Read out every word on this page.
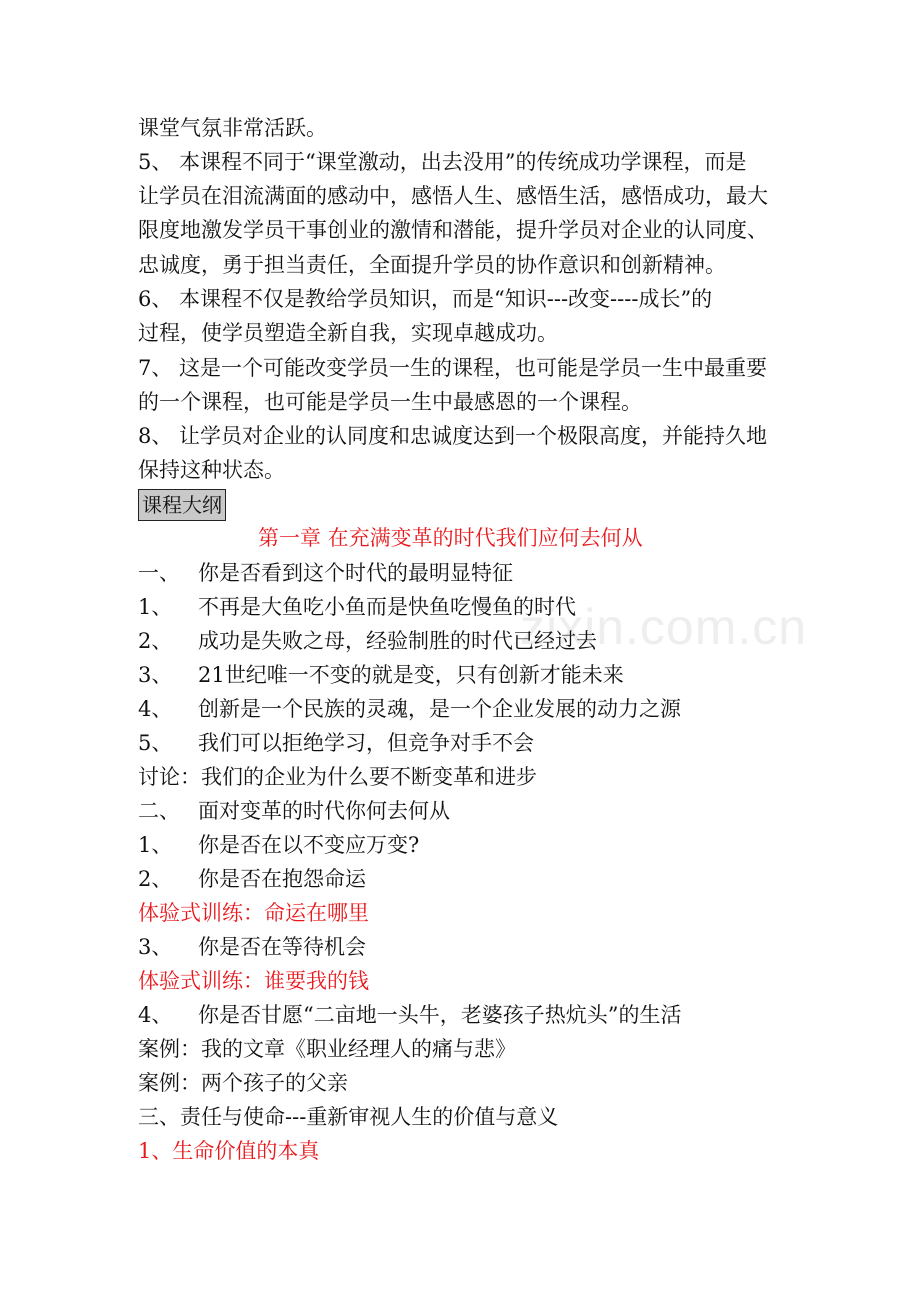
zixin.com.cn
课堂气氛非常活跃。
5、 本课程不同于“课堂激动，出去没用”的传统成功学课程，而是
让学员在泪流满面的感动中，感悟人生、感悟生活，感悟成功，最大
限度地激发学员干事创业的激情和潜能，提升学员对企业的认同度、
忠诚度，勇于担当责任，全面提升学员的协作意识和创新精神。
6、 本课程不仅是教给学员知识，而是“知识---改变----成长”的
过程，使学员塑造全新自我，实现卓越成功。
7、 这是一个可能改变学员一生的课程，也可能是学员一生中最重要
的一个课程，也可能是学员一生中最感恩的一个课程。
8、 让学员对企业的认同度和忠诚度达到一个极限高度，并能持久地
保持这种状态。
课程大纲
第一章 在充满变革的时代我们应何去何从
一、 你是否看到这个时代的最明显特征
1、 不再是大鱼吃小鱼而是快鱼吃慢鱼的时代
2、 成功是失败之母，经验制胜的时代已经过去
3、 21世纪唯一不变的就是变，只有创新才能未来
4、 创新是一个民族的灵魂，是一个企业发展的动力之源
5、 我们可以拒绝学习，但竞争对手不会
讨论：我们的企业为什么要不断变革和进步
二、 面对变革的时代你何去何从
1、 你是否在以不变应万变?
2、 你是否在抱怨命运
体验式训练：命运在哪里
3、 你是否在等待机会
体验式训练：谁要我的钱
4、 你是否甘愿“二亩地一头牛，老婆孩子热炕头”的生活
案例：我的文章《职业经理人的痛与悲》
案例：两个孩子的父亲
三、责任与使命---重新审视人生的价值与意义
1、生命价值的本真
